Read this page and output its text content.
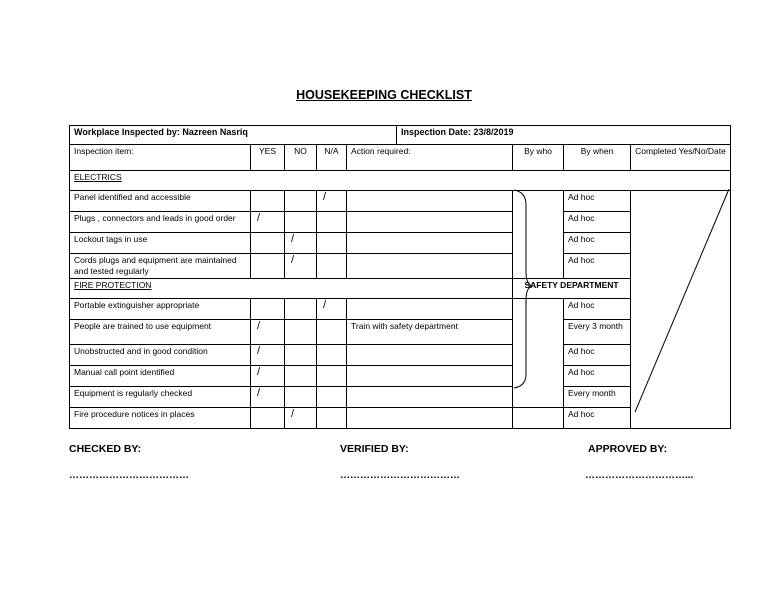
HOUSEKEEPING CHECKLIST
Workplace Inspected by: Nazreen Nasriq					Inspection Date: 23/8/2019			
Inspection item:	YES	NO	N/A	Action required:		By who	By when	Completed Yes/No/Date
ELECTRICS								
Panel identified and accessible			/				Ad hoc	
Plugs , connectors and leads in good order	/						Ad hoc	
Lockout tags in use		/					Ad hoc	
Cords plugs and equipment are maintained and tested regularly		/					Ad hoc	
FIRE PROTECTION						SAFETY DEPARTMENT		
Portable extinguisher appropriate			/				Ad hoc	
People are trained to use equipment	/			Train with safety department			Every 3 month	
Unobstructed and in good condition	/						Ad hoc	
Manual call point identified	/						Ad hoc	
Equipment is regularly checked	/						Every month	
Fire procedure notices in places		/					Ad hoc	
CHECKED BY:	VERIFIED BY:	APPROVED BY:
………………………………	………………………………	…………………………...
